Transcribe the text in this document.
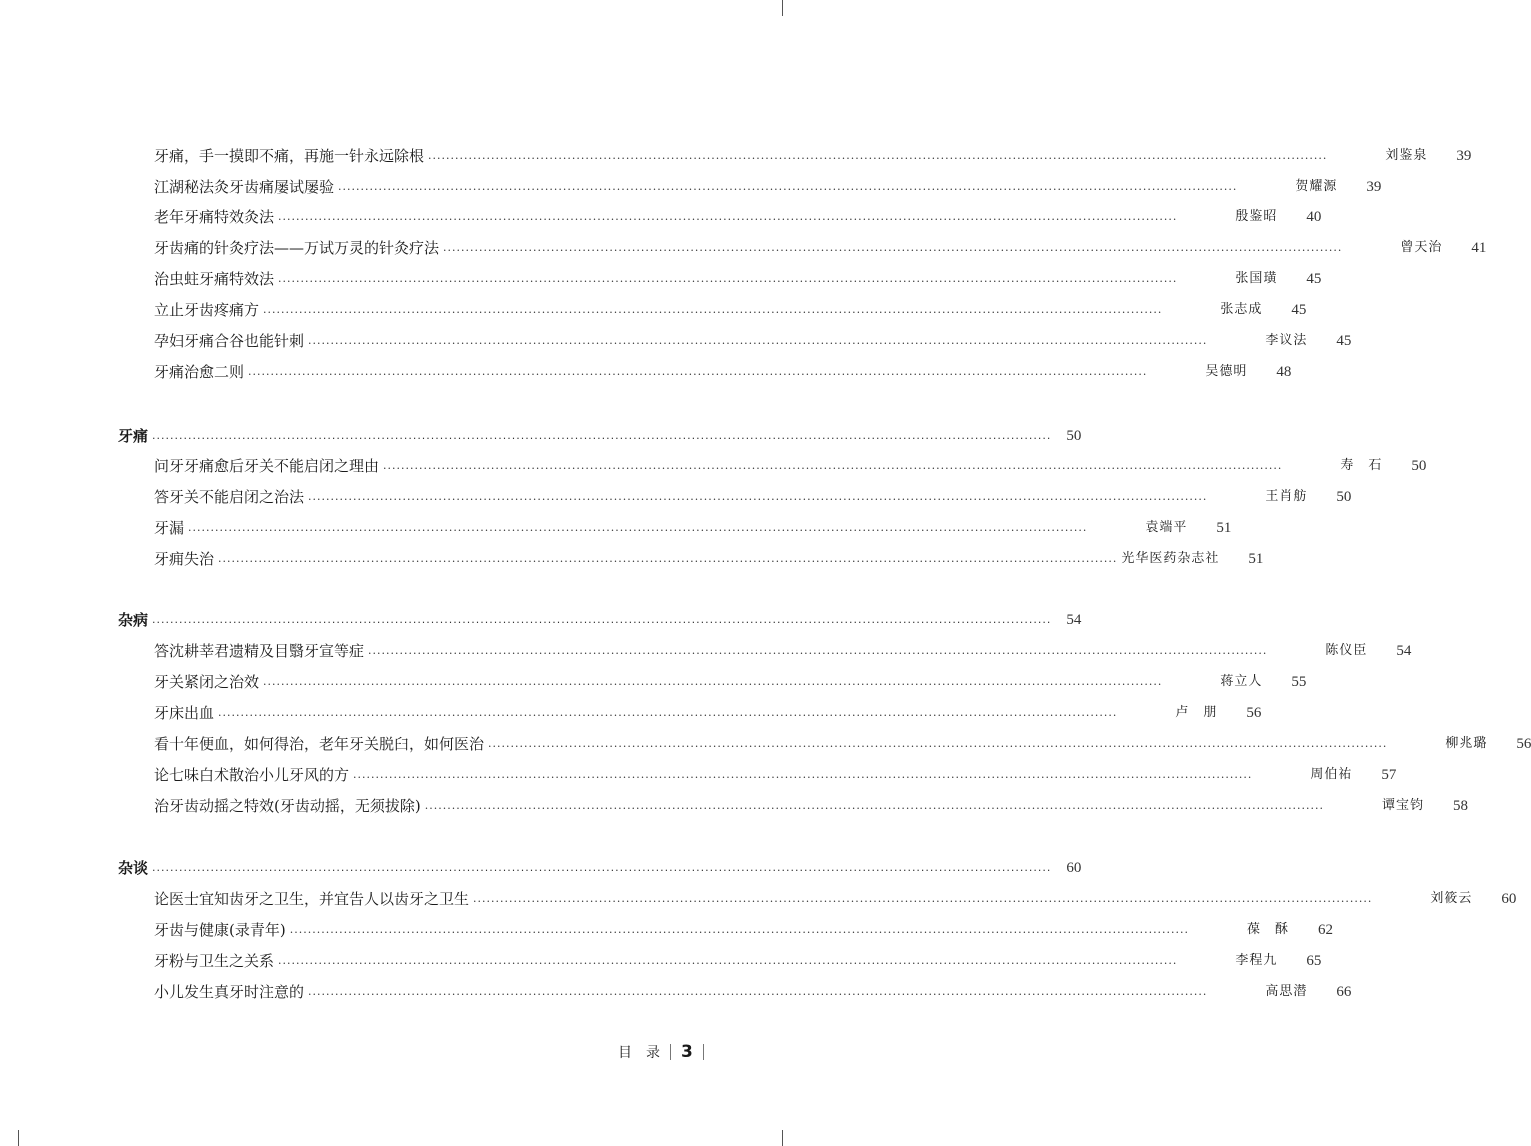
牙痛，手一摸即不痛，再施一针永远除根 ········································································································································································································	刘鉴泉	39
江湖秘法灸牙齿痛屡试屡验 ········································································································································································································	贺耀源	39
老年牙痛特效灸法 ········································································································································································································	殷鉴昭	40
牙齿痛的针灸疗法——万试万灵的针灸疗法 ········································································································································································································	曾天治	41
治虫蛀牙痛特效法 ········································································································································································································	张国璜	45
立止牙齿疼痛方 ········································································································································································································	张志成	45
孕妇牙痛合谷也能针刺 ········································································································································································································	李议法	45
牙痛治愈二则 ········································································································································································································	吴德明	48
牙痛 ········································································································································································································	50
问牙牙痛愈后牙关不能启闭之理由 ········································································································································································································	寿　石	50
答牙关不能启闭之治法 ········································································································································································································	王肖舫	50
牙漏 ········································································································································································································	袁端平	51
牙痈失治 ········································································································································································································ 光华医药杂志社	51
杂病 ········································································································································································································	54
答沈耕莘君遗精及目翳牙宣等症 ········································································································································································································	陈仪臣	54
牙关紧闭之治效 ········································································································································································································	蒋立人	55
牙床出血 ········································································································································································································	卢　朋	56
看十年便血，如何得治，老年牙关脱臼，如何医治 ········································································································································································································	柳兆璐	56
论七味白术散治小儿牙风的方 ········································································································································································································	周伯祐	57
治牙齿动摇之特效(牙齿动摇，无须拔除) ········································································································································································································	谭宝钧	58
杂谈 ········································································································································································································	60
论医士宜知齿牙之卫生，并宜告人以齿牙之卫生 ········································································································································································································	刘筱云	60
牙齿与健康(录青年) ········································································································································································································	葆　酥	62
牙粉与卫生之关系 ········································································································································································································	李程九	65
小儿发生真牙时注意的 ········································································································································································································	高思潜	66
目　录 3
